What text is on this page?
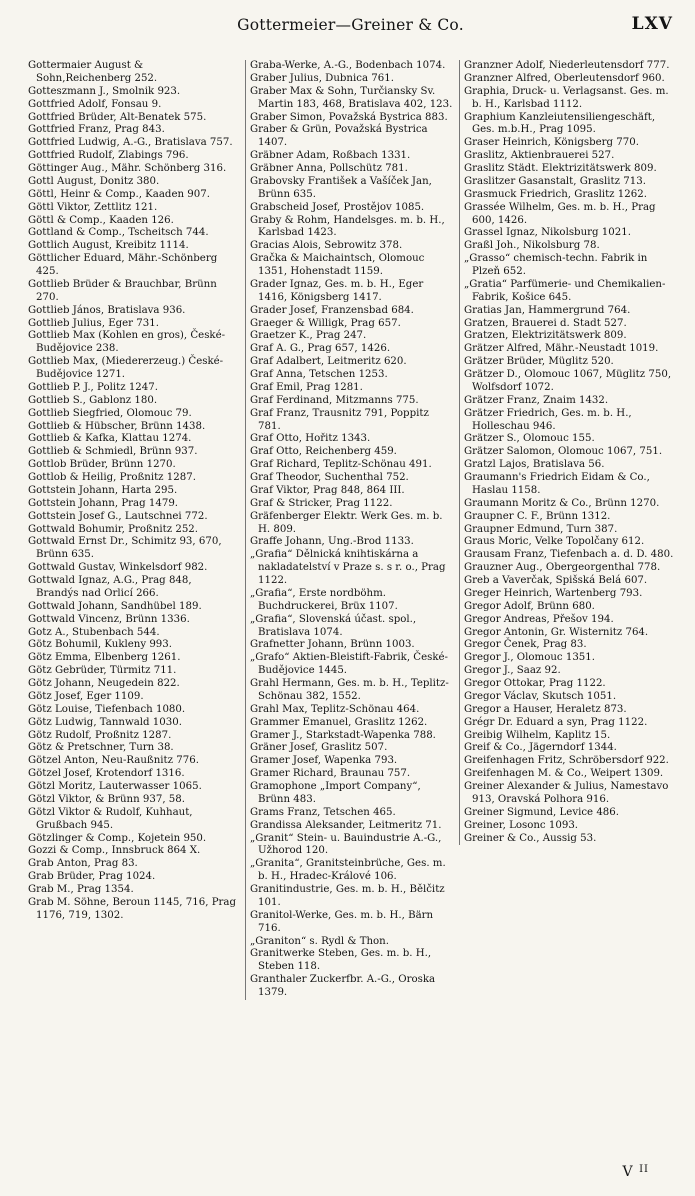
Gottermeier—Greiner & Co.	LXV

Gottermaier August & Sohn,Reichenberg 252.

Gotteszmann J., Smolnik 923.

Gottfried Adolf, Fonsau 9.

Gottfried Brüder, Alt-Benatek 575.

Gottfried Franz, Prag 843.

Gottfried Ludwig, A.-G., Bratislava 757.

Gottfried Rudolf, Zlabings 796.

Göttinger Aug., Mähr. Schönberg 316.

Gottl August, Donitz 380.

Göttl, Heinr & Comp., Kaaden 907.

Göttl Viktor, Zettlitz 121.

Göttl & Comp., Kaaden 126.

Gottland & Comp., Tscheitsch 744.

Gottlich August, Kreibitz 1114.

Göttlicher Eduard, Mähr.-Schönberg 425.

Gottlieb Brüder & Brauchbar, Brünn 270.

Gottlieb János, Bratislava 936.

Gottlieb Julius, Eger 731.

Gottlieb Max (Kohlen en gros), České-Budějovice 238.

Gottlieb Max, (Miedererzeug.) České-Budějovice 1271.

Gottlieb P. J., Politz 1247.

Gottlieb S., Gablonz 180.

Gottlieb Siegfried, Olomouc 79.

Gottlieb & Hübscher, Brünn 1438.

Gottlieb & Kafka, Klattau 1274.

Gottlieb & Schmiedl, Brünn 937.

Gottlob Brüder, Brünn 1270.

Gottlob & Heilig, Proßnitz 1287.

Gottstein Johann, Harta 295.

Gottstein Johann, Prag 1479.

Gottstein Josef G., Lautschnei 772.

Gottwald Bohumir, Proßnitz 252.

Gottwald Ernst Dr., Schimitz 93, 670, Brünn 635.

Gottwald Gustav, Winkelsdorf 982.

Gottwald Ignaz, A.G., Prag 848, Brandýs nad Orlicí 266.

Gottwald Johann, Sandhübel 189.

Gottwald Vincenz, Brünn 1336.

Gotz A., Stubenbach 544.

Götz Bohumil, Kukleny 993.

Götz Emma, Elbenberg 1261.

Götz Gebrüder, Türmitz 711.

Götz Johann, Neugedein 822.

Götz Josef, Eger 1109.

Götz Louise, Tiefenbach 1080.

Götz Ludwig, Tannwald 1030.

Götz Rudolf, Proßnitz 1287.

Götz & Pretschner, Turn 38.

Götzel Anton, Neu-Raußnitz 776.

Götzel Josef, Krotendorf 1316.

Götzl Moritz, Lauterwasser 1065.

Götzl Viktor, & Brünn 937, 58.

Götzl Viktor & Rudolf, Kuhhaut, Grußbach 945.

Götzlinger & Comp., Kojetein 950.

Gozzi & Comp., Innsbruck 864 X.

Grab Anton, Prag 83.

Grab Brüder, Prag 1024.

Grab M., Prag 1354.

Grab M. Söhne, Beroun 1145, 716, Prag 1176, 719, 1302.

Graba-Werke, A.-G., Bodenbach 1074.

Graber Julius, Dubnica 761.

Graber Max & Sohn, Turčiansky Sv. Martin 183, 468, Bratislava 402, 123.

Graber Simon, Považská Bystrica 883.

Graber & Grün, Považská Bystrica 1407.

Gräbner Adam, Roßbach 1331.

Gräbner Anna, Pollschütz 781.

Grabovsky František a Vašíček Jan, Brünn 635.

Grabscheid Josef, Prostějov 1085.

Graby & Rohm, Handelsges. m. b. H., Karlsbad 1423.

Gracias Alois, Sebrowitz 378.

Gračka & Maichaintsch, Olomouc 1351, Hohenstadt 1159.

Grader Ignaz, Ges. m. b. H., Eger 1416, Königsberg 1417.

Grader Josef, Franzensbad 684.

Graeger & Willigk, Prag 657.

Graetzer K., Prag 247.

Graf A. G., Prag 657, 1426.

Graf Adalbert, Leitmeritz 620.

Graf Anna, Tetschen 1253.

Graf Emil, Prag 1281.

Graf Ferdinand, Mitzmanns 775.

Graf Franz, Trausnitz 791, Poppitz 781.

Graf Otto, Hořitz 1343.

Graf Otto, Reichenberg 459.

Graf Richard, Teplitz-Schönau 491.

Graf Theodor, Suchenthal 752.

Graf Viktor, Prag 848, 864 III.

Graf & Stricker, Prag 1122.

Gräfenberger Elektr. Werk Ges. m. b. H. 809.

Graffe Johann, Ung.-Brod 1133.

„Grafia“ Dělnická knihtiskárna a nakladatelství v Praze s. s r. o., Prag 1122.

„Grafia“, Erste nordböhm. Buchdruckerei, Brüx 1107.

„Grafia“, Slovenská účast. spol., Bratislava 1074.

Grafnetter Johann, Brünn 1003.

„Grafo“ Aktien-Bleistift-Fabrik, České-Budějovice 1445.

Grahl Hermann, Ges. m. b. H., Teplitz-Schönau 382, 1552.

Grahl Max, Teplitz-Schönau 464.

Grammer Emanuel, Graslitz 1262.

Gramer J., Starkstadt-Wapenka 788.

Gräner Josef, Graslitz 507.

Gramer Josef, Wapenka 793.

Gramer Richard, Braunau 757.

Gramophone „Import Company“, Brünn 483.

Grams Franz, Tetschen 465.

Grandissa Aleksander, Leitmeritz 71.

„Granit“ Stein- u. Bauindustrie A.-G., Užhorod 120.

„Granita“, Granitsteinbrüche, Ges. m. b. H., Hradec-Králové 106.

Granitindustrie, Ges. m. b. H., Bělčitz 101.

Granitol-Werke, Ges. m. b. H., Bärn 716.

„Graniton“ s. Rydl & Thon.

Granitwerke Steben, Ges. m. b. H., Steben 118.

Granthaler Zuckerfbr. A.-G., Oroska 1379.

Granzner Adolf, Niederleutensdorf 777.

Granzner Alfred, Oberleutensdorf 960.

Graphia, Druck- u. Verlagsanst. Ges. m. b. H., Karlsbad 1112.

Graphium Kanzleiutensiliengeschäft, Ges. m.b.H., Prag 1095.

Graser Heinrich, Königsberg 770.

Graslitz, Aktienbrauerei 527.

Graslitz Städt. Elektrizitätswerk 809.

Graslitzer Gasanstalt, Graslitz 713.

Grasmuck Friedrich, Graslitz 1262.

Grassée Wilhelm, Ges. m. b. H., Prag 600, 1426.

Grassel Ignaz, Nikolsburg 1021.

Graßl Joh., Nikolsburg 78.

„Grasso“ chemisch-techn. Fabrik in Plzeň 652.

„Gratia“ Parfümerie- und Chemikalien-Fabrik, Košice 645.

Gratias Jan, Hammergrund 764.

Gratzen, Brauerei d. Stadt 527.

Gratzen, Elektrizitätswerk 809.

Grätzer Alfred, Mähr.-Neustadt 1019.

Grätzer Brüder, Müglitz 520.

Grätzer D., Olomouc 1067, Müglitz 750, Wolfsdorf 1072.

Grätzer Franz, Znaim 1432.

Grätzer Friedrich, Ges. m. b. H., Holleschau 946.

Grätzer S., Olomouc 155.

Grätzer Salomon, Olomouc 1067, 751.

Gratzl Lajos, Bratislava 56.

Graumann's Friedrich Eidam & Co., Haslau 1158.

Graumann Moritz & Co., Brünn 1270.

Graupner C. F., Brünn 1312.

Graupner Edmund, Turn 387.

Graus Moric, Velke Topolčany 612.

Grausam Franz, Tiefenbach a. d. D. 480.

Grauzner Aug., Obergeorgenthal 778.

Greb a Vaverčak, Spišská Belá 607.

Greger Heinrich, Wartenberg 793.

Gregor Adolf, Brünn 680.

Gregor Andreas, Přešov 194.

Gregor Antonin, Gr. Wisternitz 764.

Gregor Čenek, Prag 83.

Gregor J., Olomouc 1351.

Gregor J., Saaz 92.

Gregor Ottokar, Prag 1122.

Gregor Václav, Skutsch 1051.

Gregor a Hauser, Heraletz 873.

Grégr Dr. Eduard a syn, Prag 1122.

Greibig Wilhelm, Kaplitz 15.

Greif & Co., Jägerndorf 1344.

Greifenhagen Fritz, Schröbersdorf 922.

Greifenhagen M. & Co., Weipert 1309.

Greiner Alexander & Julius, Namestavo 913, Oravská Polhora 916.

Greiner Sigmund, Levice 486.

Greiner, Losonc 1093.

Greiner & Co., Aussig 53.

V $^{II}$
